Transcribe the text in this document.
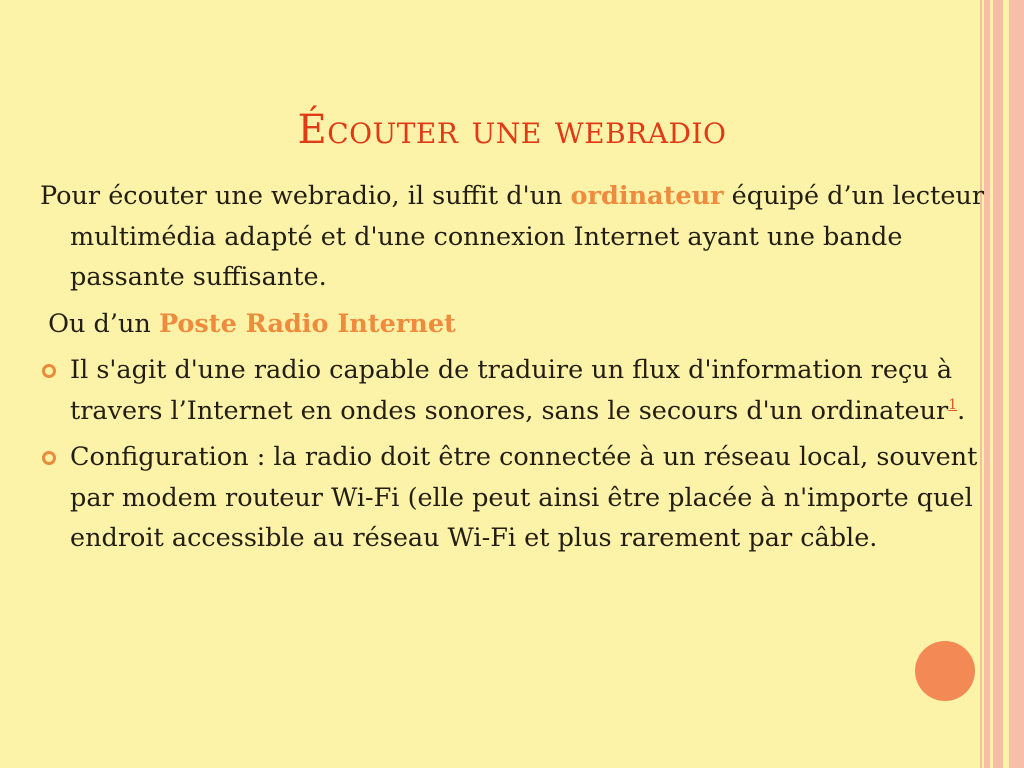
Écouter une webradio

Pour écouter une webradio, il suffit d'un ordinateur équipé d’un lecteur multimédia adapté et d'une connexion Internet ayant une bande passante suffisante.

Ou d’un Poste Radio Internet

Il s'agit d'une radio capable de traduire un flux d'information reçu à travers l’Internet en ondes sonores, sans le secours d'un ordinateur$^1$.
Configuration : la radio doit être connectée à un réseau local, souvent par modem routeur Wi-Fi (elle peut ainsi être placée à n'importe quel endroit accessible au réseau Wi-Fi et plus rarement par câble.
